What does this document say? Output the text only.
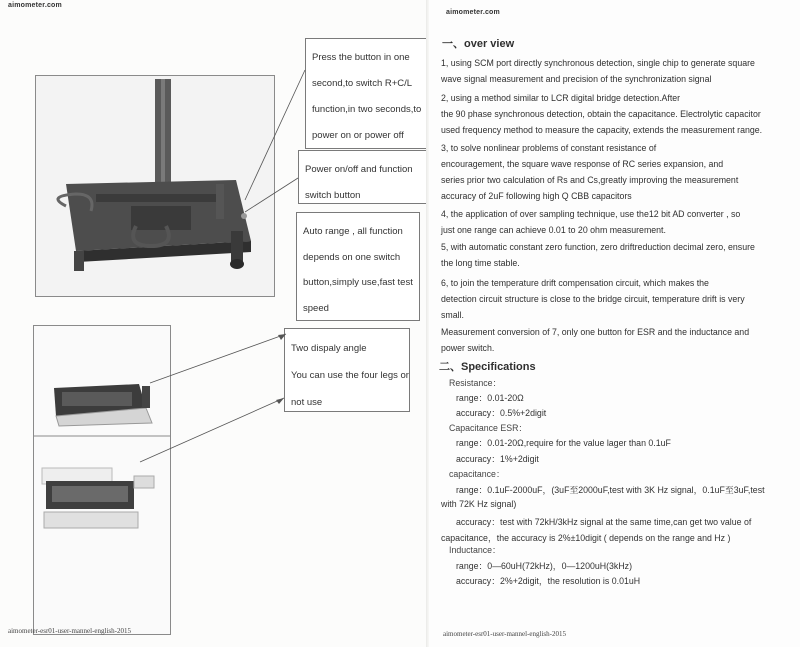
aimometer.com
Press the button in one
second,to switch R+C/L
function,in two seconds,to
power on or power off
Power on/off and function
switch button
Auto range , all function
depends on one switch
button,simply use,fast test
speed
Two dispaly angle
You can use the four legs or
not use
aimometer-esr01-user-mannel-english-2015
aimometer.com
aimometer-esr01-user-mannel-english-2015
一、over view
1, using SCM port directly synchronous detection, single chip to generate square
wave signal measurement and precision of the synchronization signal
2, using a method similar to LCR digital bridge detection.After
the 90 phase synchronous detection, obtain the capacitance. Electrolytic capacitor
used frequency method to measure the capacity, extends the measurement range.
3, to solve nonlinear problems of constant resistance of
encouragement, the square wave response of RC series expansion, and
series prior two calculation of Rs and Cs,greatly improving the measurement
accuracy of 2uF following high Q CBB capacitors
4, the application of over sampling technique, use the12 bit AD converter , so
just one range can achieve 0.01 to 20 ohm measurement.
5, with automatic constant zero function, zero driftreduction decimal zero, ensure
the long time stable.
6, to join the temperature drift compensation circuit, which makes the
detection circuit structure is close to the bridge circuit, temperature drift is very
small.
Measurement conversion of 7, only one button for ESR and the inductance and
power switch.
二、Specifications
Resistance：
range：0.01-20Ω
accuracy：0.5%+2digit
Capacitance ESR：
range：0.01-20Ω,require for the value lager than 0.1uF
accuracy：1%+2digit
capacitance：
range：0.1uF-2000uF，(3uF至2000uF,test with 3K Hz signal，0.1uF至3uF,test
with 72K Hz signal)
accuracy：test with 72kH/3kHz signal at the same time,can get two value of
capacitance，the accuracy is 2%±10digit ( depends on the range and Hz )
Inductance：
range：0—60uH(72kHz)，0—1200uH(3kHz)
accuracy：2%+2digit，the resolution is 0.01uH
